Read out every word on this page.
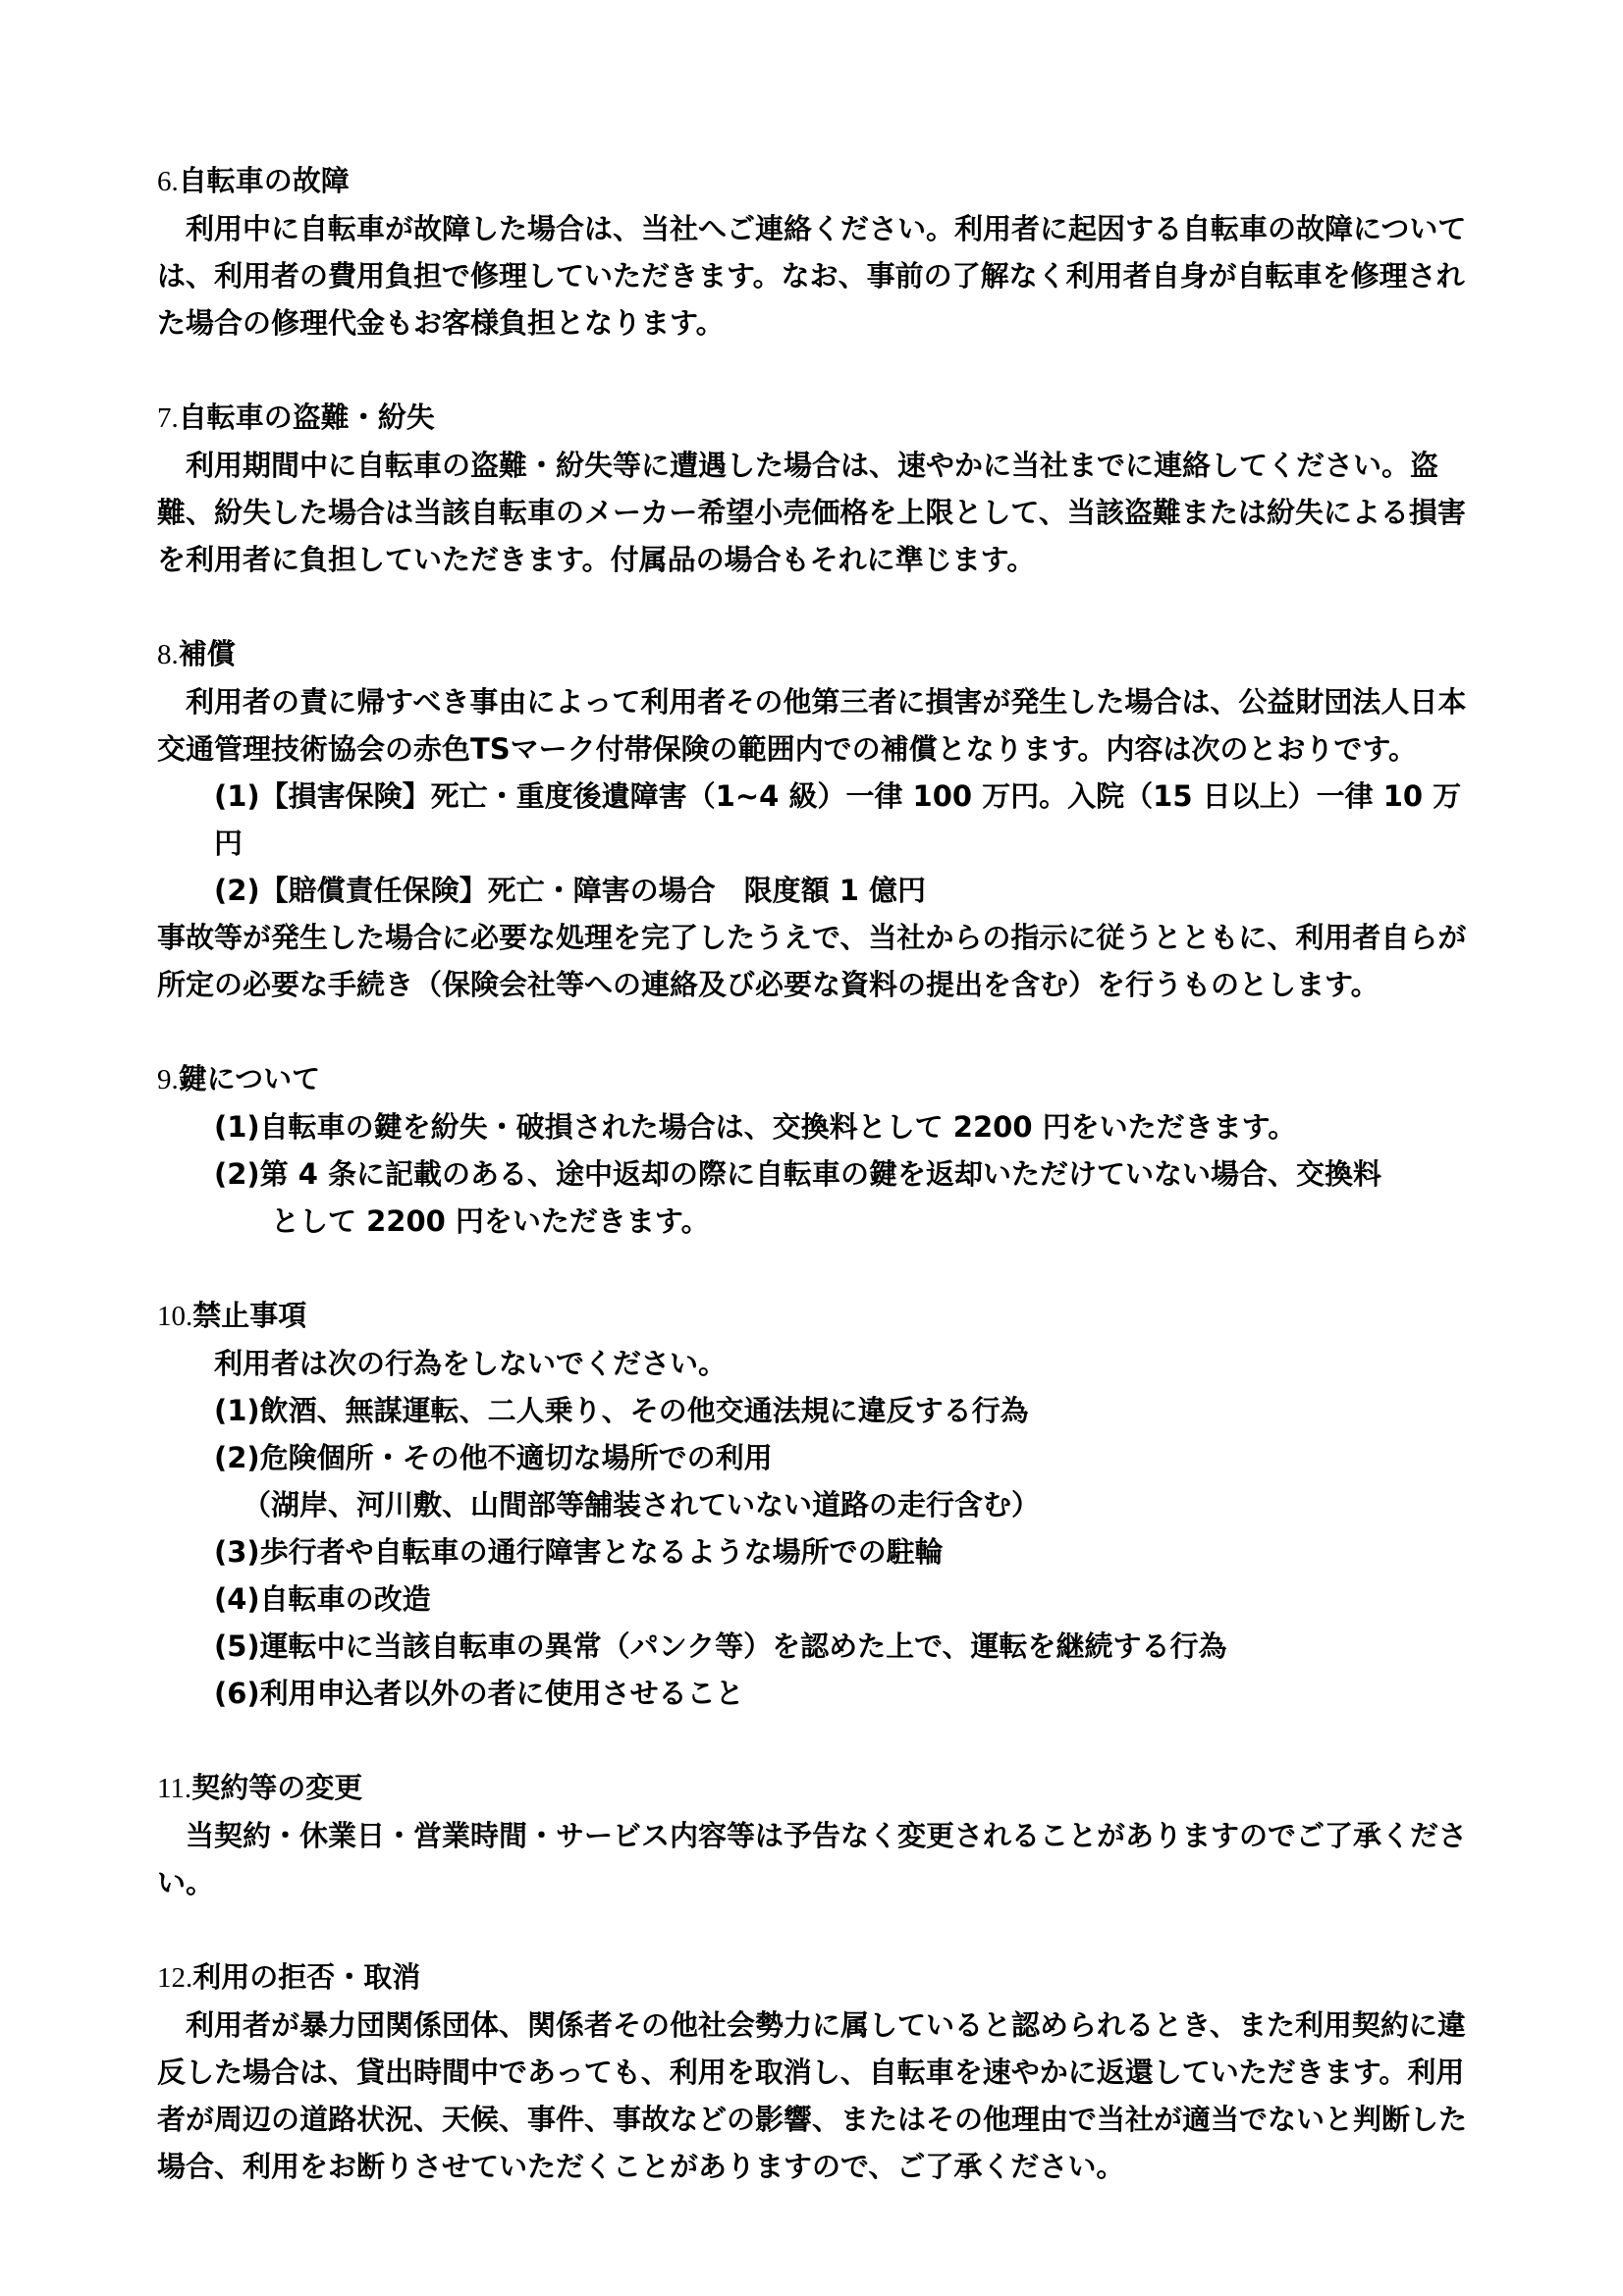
6.自転車の故障

利用中に自転車が故障した場合は、当社へご連絡ください。利用者に起因する自転車の故障については、利用者の費用負担で修理していただきます。なお、事前の了解なく利用者自身が自転車を修理された場合の修理代金もお客様負担となります。

7.自転車の盗難・紛失

利用期間中に自転車の盗難・紛失等に遭遇した場合は、速やかに当社までに連絡してください。盗難、紛失した場合は当該自転車のメーカー希望小売価格を上限として、当該盗難または紛失による損害を利用者に負担していただきます。付属品の場合もそれに準じます。

8.補償

利用者の責に帰すべき事由によって利用者その他第三者に損害が発生した場合は、公益財団法人日本交通管理技術協会の赤色TSマーク付帯保険の範囲内での補償となります。内容は次のとおりです。

(1)【損害保険】死亡・重度後遺障害（1~4 級）一律 100 万円。入院（15 日以上）一律 10 万円

(2)【賠償責任保険】死亡・障害の場合　限度額 1 億円

事故等が発生した場合に必要な処理を完了したうえで、当社からの指示に従うとともに、利用者自らが所定の必要な手続き（保険会社等への連絡及び必要な資料の提出を含む）を行うものとします。

9.鍵について

(1)自転車の鍵を紛失・破損された場合は、交換料として 2200 円をいただきます。

(2)第 4 条に記載のある、途中返却の際に自転車の鍵を返却いただけていない場合、交換料
として 2200 円をいただきます。

10.禁止事項

利用者は次の行為をしないでください。

(1)飲酒、無謀運転、二人乗り、その他交通法規に違反する行為

(2)危険個所・その他不適切な場所での利用

（湖岸、河川敷、山間部等舗装されていない道路の走行含む）

(3)歩行者や自転車の通行障害となるような場所での駐輪

(4)自転車の改造

(5)運転中に当該自転車の異常（パンク等）を認めた上で、運転を継続する行為

(6)利用申込者以外の者に使用させること

11.契約等の変更

当契約・休業日・営業時間・サービス内容等は予告なく変更されることがありますのでご了承ください。

12.利用の拒否・取消

利用者が暴力団関係団体、関係者その他社会勢力に属していると認められるとき、また利用契約に違反した場合は、貸出時間中であっても、利用を取消し、自転車を速やかに返還していただきます。利用者が周辺の道路状況、天候、事件、事故などの影響、またはその他理由で当社が適当でないと判断した場合、利用をお断りさせていただくことがありますので、ご了承ください。
